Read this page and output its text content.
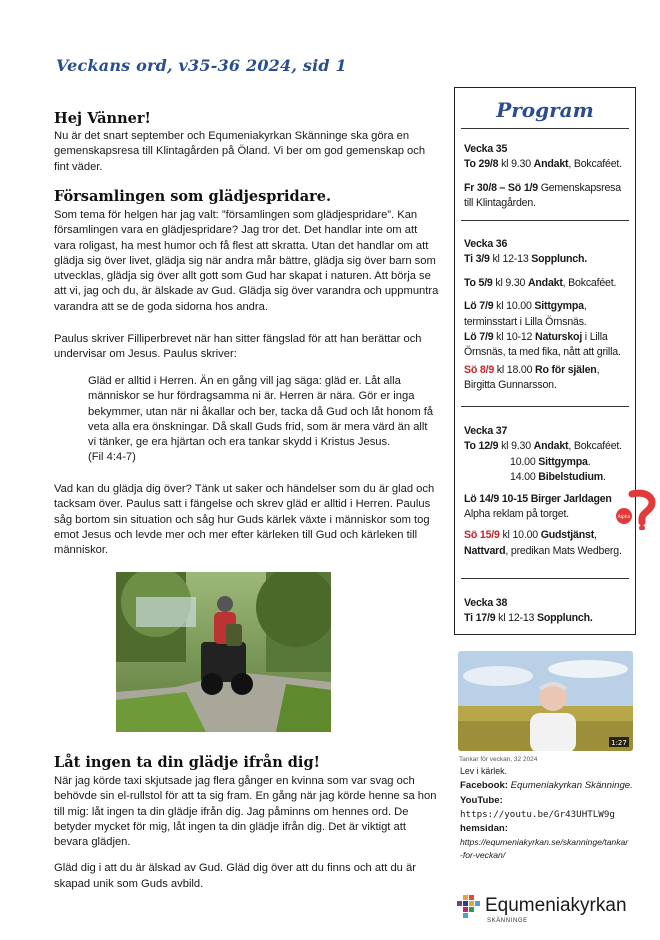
Veckans ord, v35-36 2024, sid 1
Hej Vänner!

Nu är det snart september och Equmeniakyrkan Skänninge ska göra en gemenskapsresa till Klintagården på Öland. Vi ber om god gemenskap och fint väder.

Församlingen som glädjespridare.

Som tema för helgen har jag valt: ”församlingen som glädjespridare”. Kan församlingen vara en glädjespridare? Jag tror det. Det handlar inte om att vara roligast, ha mest humor och få flest att skratta. Utan det handlar om att glädja sig över livet, glädja sig när andra mår bättre, glädja sig över barn som utvecklas, glädja sig över allt gott som Gud har skapat i naturen. Att börja se att vi, jag och du, är älskade av Gud. Glädja sig över varandra och uppmuntra varandra att se de goda sidorna hos andra.

Paulus skriver Filliperbrevet när han sitter fängslad för att han berättar och undervisar om Jesus. Paulus skriver:

Gläd er alltid i Herren. Än en gång vill jag säga: gläd er. Låt alla människor se hur fördragsamma ni är. Herren är nära. Gör er inga bekymmer, utan när ni åkallar och ber, tacka då Gud och låt honom få veta alla era önskningar. Då skall Guds frid, som är mera värd än allt vi tänker, ge era hjärtan och era tankar skydd i Kristus Jesus.
(Fil 4:4-7)

Vad kan du glädja dig över? Tänk ut saker och händelser som du är glad och tacksam över. Paulus satt i fängelse och skrev gläd er alltid i Herren. Paulus såg bortom sin situation och såg hur Guds kärlek växte i människor som tog emot Jesus och levde mer och mer efter kärleken till Gud och kärleken till människor.

Låt ingen ta din glädje ifrån dig!

När jag körde taxi skjutsade jag flera gånger en kvinna som var svag och behövde sin el-rullstol för att ta sig fram. En gång när jag körde henne sa hon till mig: låt ingen ta din glädje ifrån dig. Jag påminns om hennes ord. De betyder mycket för mig, låt ingen ta din glädje ifrån dig. Det är viktigt att bevara glädjen.

Gläd dig i att du är älskad av Gud. Gläd dig över att du finns och att du är skapad unik som Guds avbild.

Program
Vecka 35
To 29/8 kl 9.30 Andakt, Bokcaféet.
Fr 30/8 – Sö 1/9 Gemenskapsresa
till Klintagården.
Vecka 36
Ti 3/9 kl 12-13 Sopplunch.
To 5/9 kl 9.30 Andakt, Bokcaféet.
Lö 7/9 kl 10.00 Sittgympa,
terminsstart i Lilla Örnsnäs.
Lö 7/9 kl 10-12 Naturskoj i Lilla
Örnsnäs, ta med fika, nått att grilla.
Sö 8/9 kl 18.00 Ro för själen,
Birgitta Gunnarsson.
Vecka 37
To 12/9 kl 9.30 Andakt, Bokcaféet.
10.00 Sittgympa.
14.00 Bibelstudium.
Lö 14/9 10-15 Birger Jarldagen
Alpha reklam på torget.
Sö 15/9 kl 10.00 Gudstjänst,
Nattvard, predikan Mats Wedberg.
Vecka 38
Ti 17/9 kl 12-13 Sopplunch.
Alpha
1:27
Tankar för veckan, 32 2024
Lev i kärlek.
Facebook: Equmeniakyrkan Skänninge.
YouTube:
https://youtu.be/Gr43UHTLW9g
hemsidan:
https://equmeniakyrkan.se/skanninge/tankar
-for-veckan/
Equmeniakyrkan
SKÄNNINGE
